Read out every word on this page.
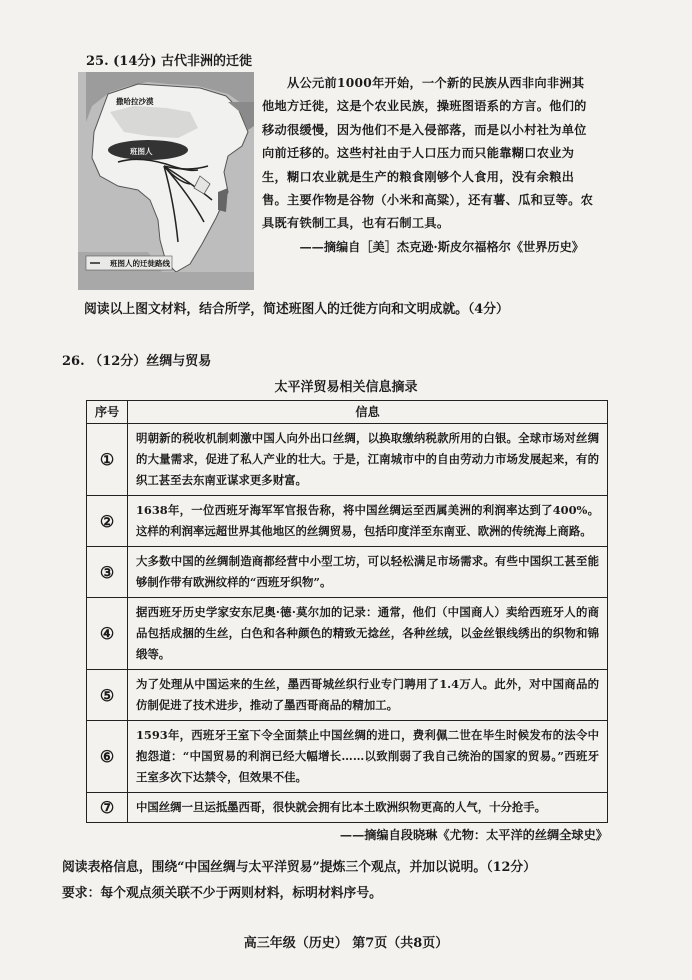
25. (14分) 古代非洲的迁徙
撒哈拉沙漠
班图人
班图人的迁徙路线

从公元前1000年开始，一个新的民族从西非向非洲其他地方迁徙，这是个农业民族，操班图语系的方言。他们的移动很缓慢，因为他们不是入侵部落，而是以小村社为单位向前迁移的。这些村社由于人口压力而只能靠糊口农业为生，糊口农业就是生产的粮食刚够个人食用，没有余粮出售。主要作物是谷物（小米和高粱），还有薯、瓜和豆等。农具既有铁制工具，也有石制工具。

——摘编自［美］杰克逊·斯皮尔福格尔《世界历史》
阅读以上图文材料，结合所学，简述班图人的迁徙方向和文明成就。（4分）
26. （12分）丝绸与贸易
太平洋贸易相关信息摘录
序号	信息
①	明朝新的税收机制刺激中国人向外出口丝绸，以换取缴纳税款所用的白银。全球市场对丝绸的大量需求，促进了私人产业的壮大。于是，江南城市中的自由劳动力市场发展起来，有的织工甚至去东南亚谋求更多财富。
②	1638年，一位西班牙海军军官报告称，将中国丝绸运至西属美洲的利润率达到了400%。这样的利润率远超世界其他地区的丝绸贸易，包括印度洋至东南亚、欧洲的传统海上商路。
③	大多数中国的丝绸制造商都经营中小型工坊，可以轻松满足市场需求。有些中国织工甚至能够制作带有欧洲纹样的“西班牙织物”。
④	据西班牙历史学家安东尼奥·德·莫尔加的记录：通常，他们（中国商人）卖给西班牙人的商品包括成捆的生丝，白色和各种颜色的精致无捻丝，各种丝绒，以金丝银线绣出的织物和锦缎等。
⑤	为了处理从中国运来的生丝，墨西哥城丝织行业专门聘用了1.4万人。此外，对中国商品的仿制促进了技术进步，推动了墨西哥商品的精加工。
⑥	1593年，西班牙王室下令全面禁止中国丝绸的进口，费利佩二世在毕生时候发布的法令中抱怨道：“中国贸易的利润已经大幅增长……以致削弱了我自己统治的国家的贸易。”西班牙王室多次下达禁令，但效果不佳。
⑦	中国丝绸一旦运抵墨西哥，很快就会拥有比本土欧洲织物更高的人气，十分抢手。
——摘编自段晓琳《尤物：太平洋的丝绸全球史》
阅读表格信息，围绕“中国丝绸与太平洋贸易”提炼三个观点，并加以说明。（12分）
要求：每个观点须关联不少于两则材料，标明材料序号。
高三年级（历史） 第7页（共8页）
